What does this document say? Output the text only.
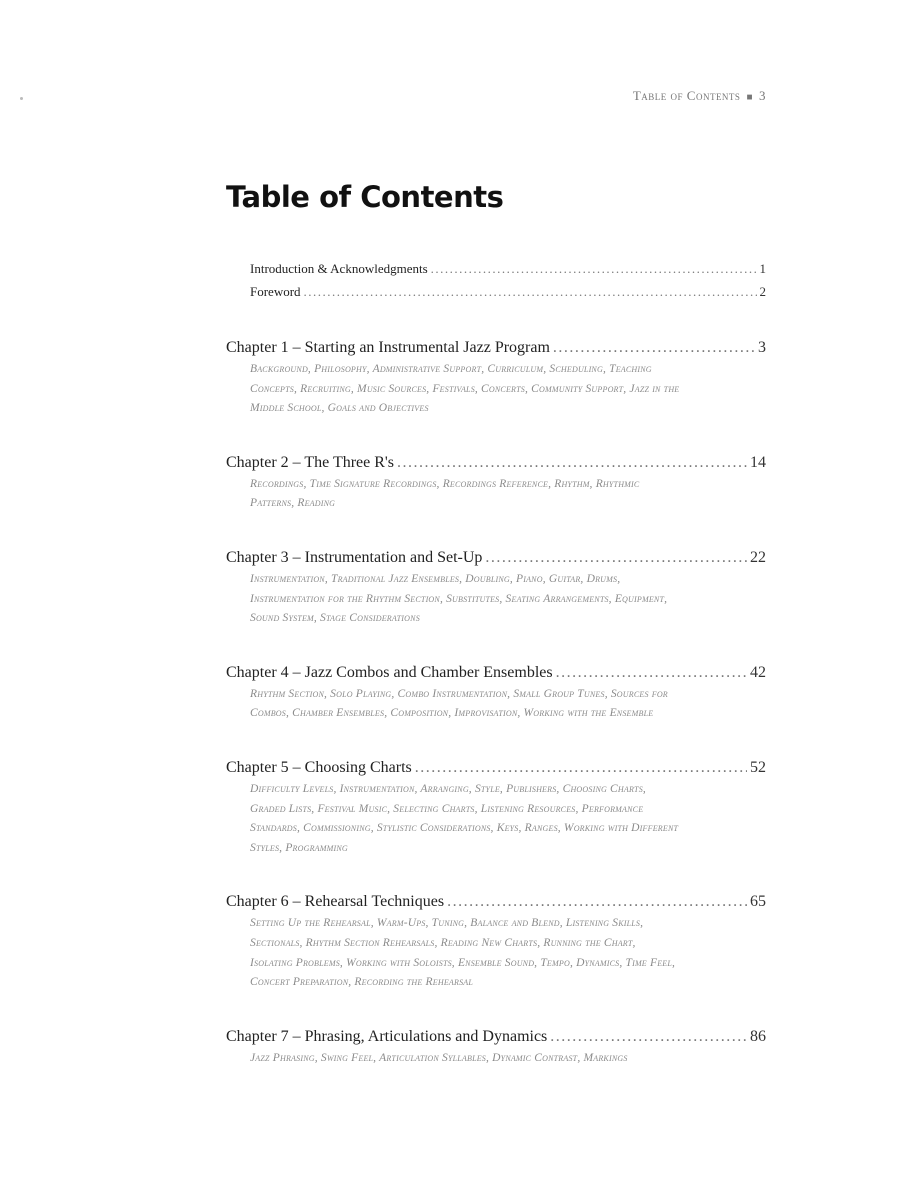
Table of Contents ■ 3
Table of Contents
Introduction & Acknowledgments .....	1
Foreword .....	2
Chapter 1 – Starting an Instrumental Jazz Program .....	3

Background, Philosophy, Administrative Support, Curriculum, Scheduling, Teaching Concepts, Recruiting, Music Sources, Festivals, Concerts, Community Support, Jazz in the Middle School, Goals and Objectives

Chapter 2 – The Three R's .....	14

Recordings, Time Signature Recordings, Recordings Reference, Rhythm, Rhythmic Patterns, Reading

Chapter 3 – Instrumentation and Set-Up .....	22

Instrumentation, Traditional Jazz Ensembles, Doubling, Piano, Guitar, Drums, Instrumentation for the Rhythm Section, Substitutes, Seating Arrangements, Equipment, Sound System, Stage Considerations

Chapter 4 – Jazz Combos and Chamber Ensembles .....	42

Rhythm Section, Solo Playing, Combo Instrumentation, Small Group Tunes, Sources for Combos, Chamber Ensembles, Composition, Improvisation, Working with the Ensemble

Chapter 5 – Choosing Charts .....	52

Difficulty Levels, Instrumentation, Arranging, Style, Publishers, Choosing Charts, Graded Lists, Festival Music, Selecting Charts, Listening Resources, Performance Standards, Commissioning, Stylistic Considerations, Keys, Ranges, Working with Different Styles, Programming

Chapter 6 – Rehearsal Techniques .....	65

Setting Up the Rehearsal, Warm-Ups, Tuning, Balance and Blend, Listening Skills, Sectionals, Rhythm Section Rehearsals, Reading New Charts, Running the Chart, Isolating Problems, Working with Soloists, Ensemble Sound, Tempo, Dynamics, Time Feel, Concert Preparation, Recording the Rehearsal

Chapter 7 – Phrasing, Articulations and Dynamics .....	86

Jazz Phrasing, Swing Feel, Articulation Syllables, Dynamic Contrast, Markings
